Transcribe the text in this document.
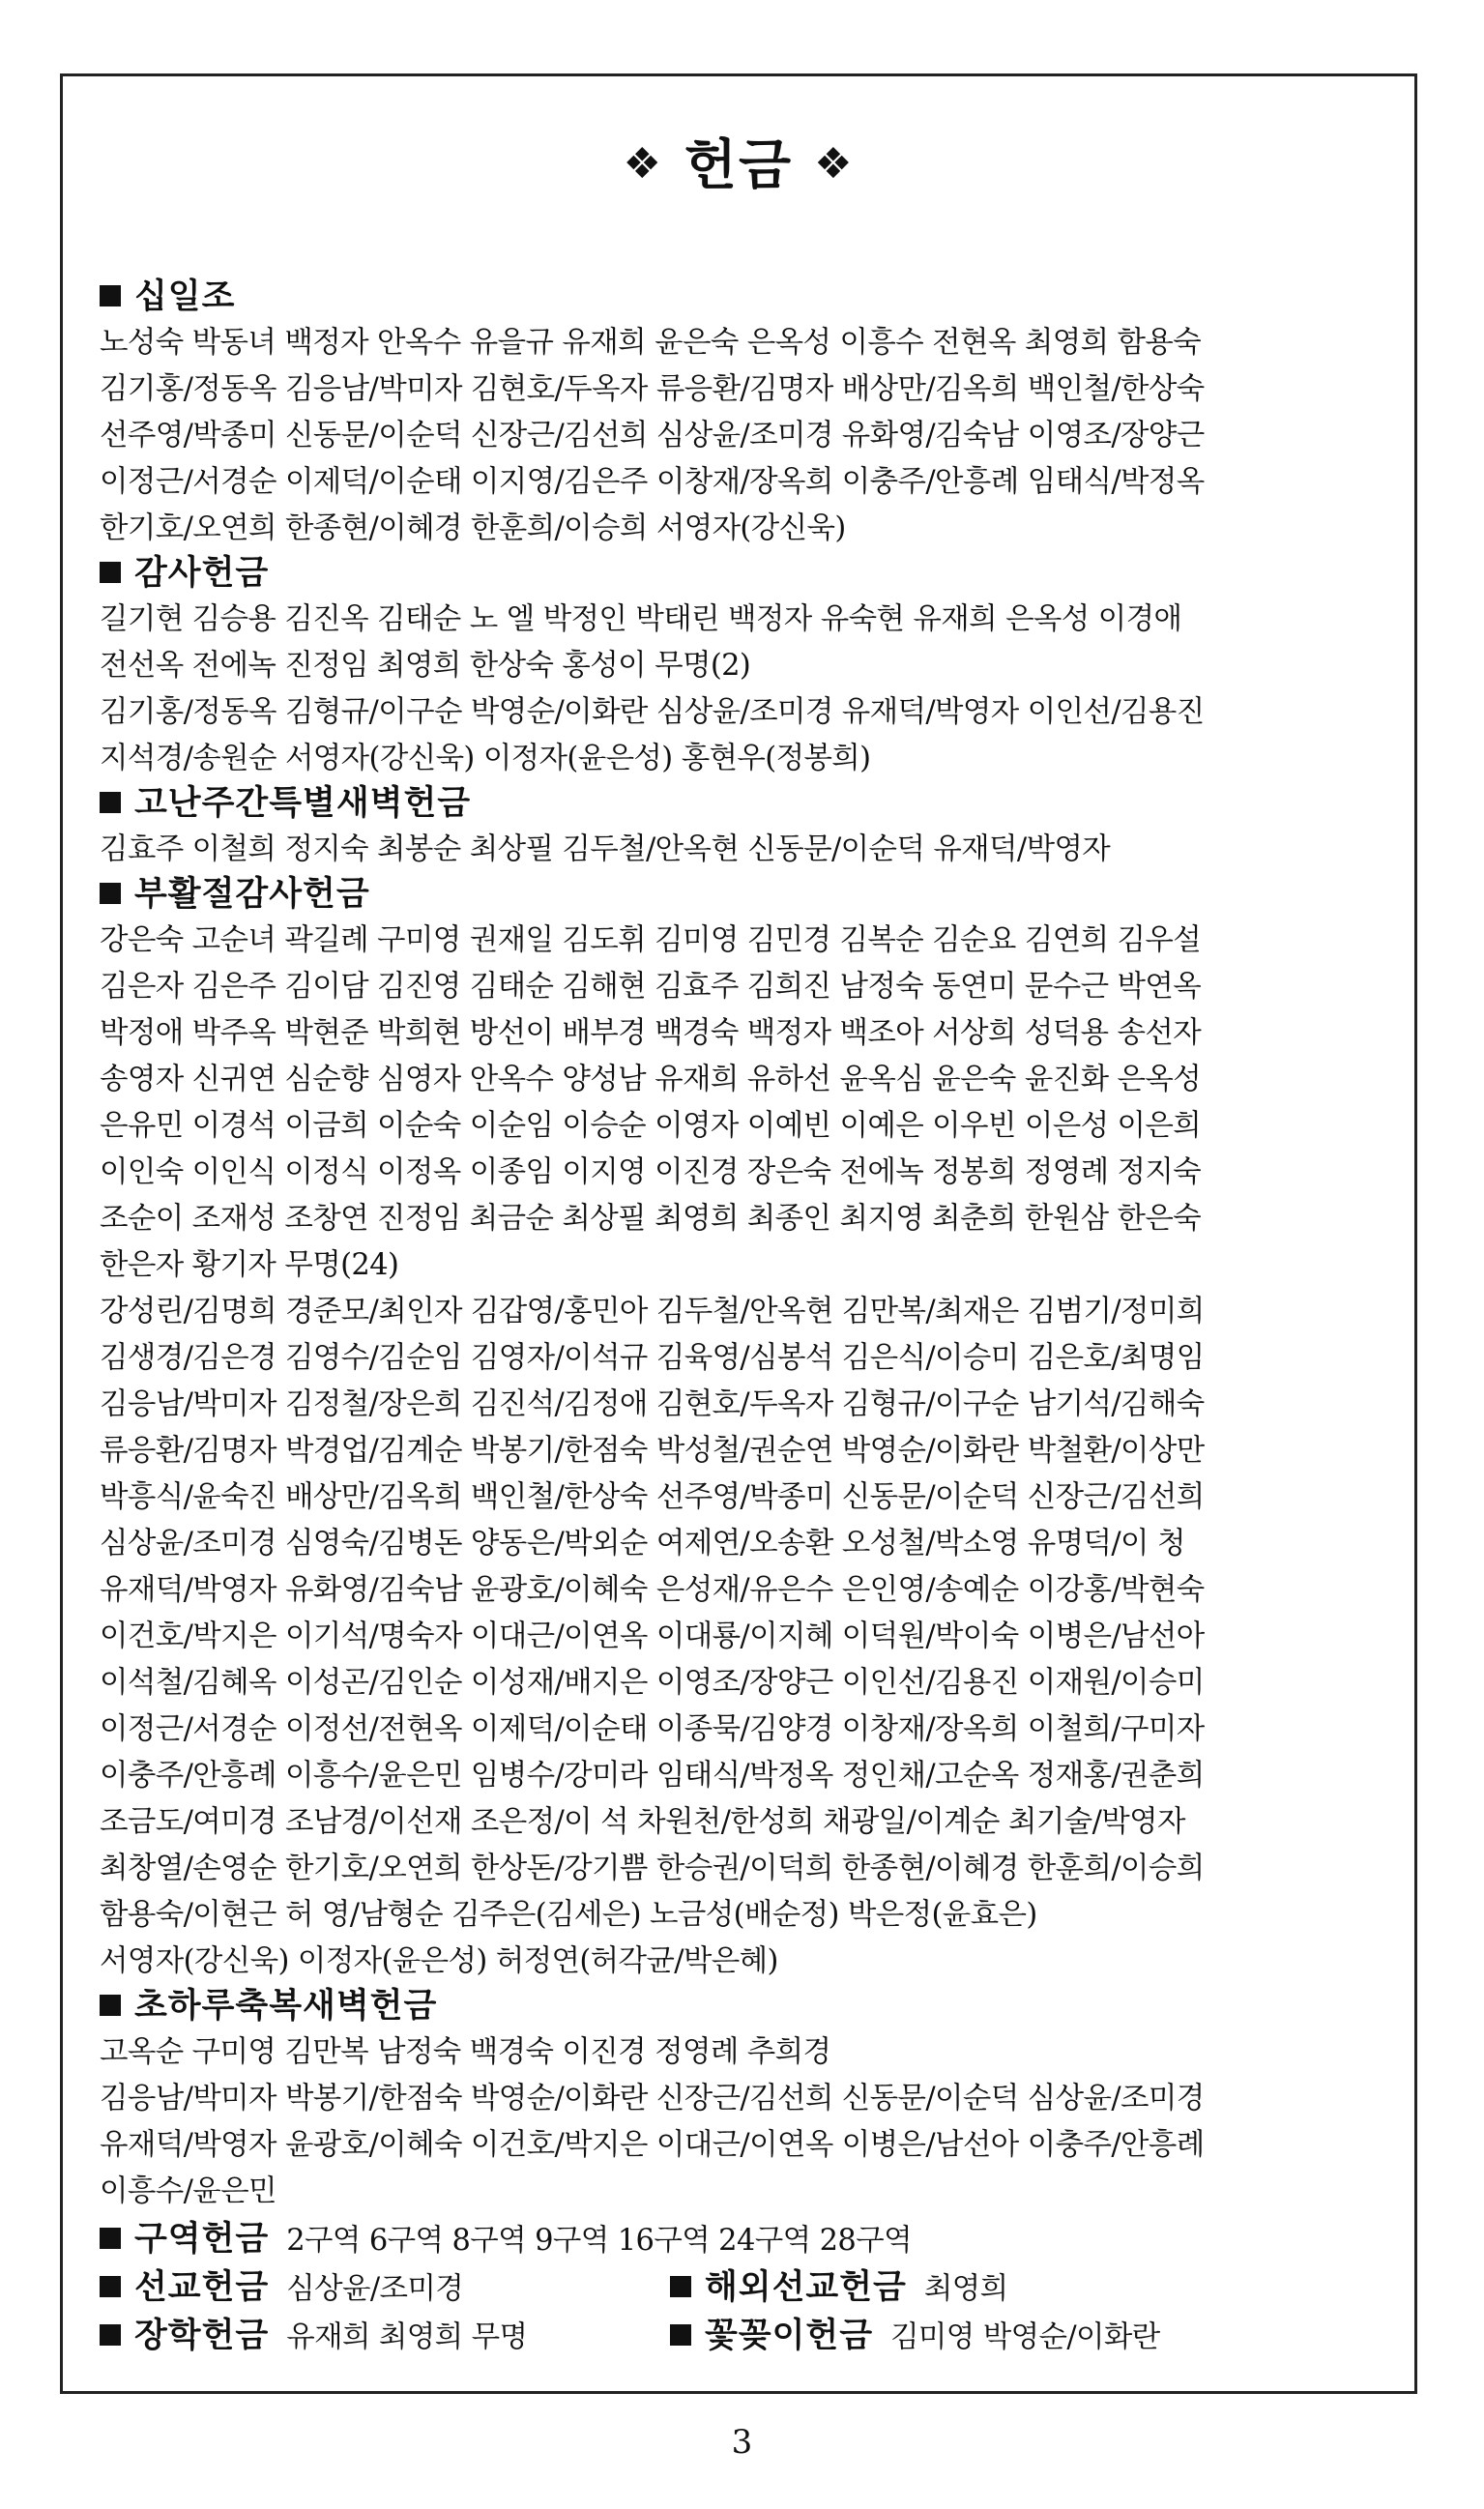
❖ 헌금 ❖
십일조
노성숙 박동녀 백정자 안옥수 유을규 유재희 윤은숙 은옥성 이흥수 전현옥 최영희 함용숙
김기홍/정동옥 김응남/박미자 김현호/두옥자 류응환/김명자 배상만/김옥희 백인철/한상숙
선주영/박종미 신동문/이순덕 신장근/김선희 심상윤/조미경 유화영/김숙남 이영조/장양근
이정근/서경순 이제덕/이순태 이지영/김은주 이창재/장옥희 이충주/안흥례 임태식/박정옥
한기호/오연희 한종현/이혜경 한훈희/이승희 서영자(강신욱)
감사헌금
길기현 김승용 김진옥 김태순 노 엘 박정인 박태린 백정자 유숙현 유재희 은옥성 이경애
전선옥 전에녹 진정임 최영희 한상숙 홍성이 무명(2)
김기홍/정동옥 김형규/이구순 박영순/이화란 심상윤/조미경 유재덕/박영자 이인선/김용진
지석경/송원순 서영자(강신욱) 이정자(윤은성) 홍현우(정봉희)
고난주간특별새벽헌금
김효주 이철희 정지숙 최봉순 최상필 김두철/안옥현 신동문/이순덕 유재덕/박영자
부활절감사헌금
강은숙 고순녀 곽길례 구미영 권재일 김도휘 김미영 김민경 김복순 김순요 김연희 김우설
김은자 김은주 김이담 김진영 김태순 김해현 김효주 김희진 남정숙 동연미 문수근 박연옥
박정애 박주옥 박현준 박희현 방선이 배부경 백경숙 백정자 백조아 서상희 성덕용 송선자
송영자 신귀연 심순향 심영자 안옥수 양성남 유재희 유하선 윤옥심 윤은숙 윤진화 은옥성
은유민 이경석 이금희 이순숙 이순임 이승순 이영자 이예빈 이예은 이우빈 이은성 이은희
이인숙 이인식 이정식 이정옥 이종임 이지영 이진경 장은숙 전에녹 정봉희 정영례 정지숙
조순이 조재성 조창연 진정임 최금순 최상필 최영희 최종인 최지영 최춘희 한원삼 한은숙
한은자 황기자 무명(24)
강성린/김명희 경준모/최인자 김갑영/홍민아 김두철/안옥현 김만복/최재은 김범기/정미희
김생경/김은경 김영수/김순임 김영자/이석규 김육영/심봉석 김은식/이승미 김은호/최명임
김응남/박미자 김정철/장은희 김진석/김정애 김현호/두옥자 김형규/이구순 남기석/김해숙
류응환/김명자 박경업/김계순 박봉기/한점숙 박성철/권순연 박영순/이화란 박철환/이상만
박흥식/윤숙진 배상만/김옥희 백인철/한상숙 선주영/박종미 신동문/이순덕 신장근/김선희
심상윤/조미경 심영숙/김병돈 양동은/박외순 여제연/오송환 오성철/박소영 유명덕/이 청
유재덕/박영자 유화영/김숙남 윤광호/이혜숙 은성재/유은수 은인영/송예순 이강홍/박현숙
이건호/박지은 이기석/명숙자 이대근/이연옥 이대룡/이지혜 이덕원/박이숙 이병은/남선아
이석철/김혜옥 이성곤/김인순 이성재/배지은 이영조/장양근 이인선/김용진 이재원/이승미
이정근/서경순 이정선/전현옥 이제덕/이순태 이종묵/김양경 이창재/장옥희 이철희/구미자
이충주/안흥례 이흥수/윤은민 임병수/강미라 임태식/박정옥 정인채/고순옥 정재홍/권춘희
조금도/여미경 조남경/이선재 조은정/이 석 차원천/한성희 채광일/이계순 최기술/박영자
최창열/손영순 한기호/오연희 한상돈/강기쁨 한승권/이덕희 한종현/이혜경 한훈희/이승희
함용숙/이현근 허 영/남형순 김주은(김세은) 노금성(배순정) 박은정(윤효은)
서영자(강신욱) 이정자(윤은성) 허정연(허각균/박은혜)
초하루축복새벽헌금
고옥순 구미영 김만복 남정숙 백경숙 이진경 정영례 추희경
김응남/박미자 박봉기/한점숙 박영순/이화란 신장근/김선희 신동문/이순덕 심상윤/조미경
유재덕/박영자 윤광호/이혜숙 이건호/박지은 이대근/이연옥 이병은/남선아 이충주/안흥례
이흥수/윤은민
구역헌금 2구역 6구역 8구역 9구역 16구역 24구역 28구역
선교헌금 심상윤/조미경	해외선교헌금 최영희
장학헌금 유재희 최영희 무명	꽃꽂이헌금 김미영 박영순/이화란
3
